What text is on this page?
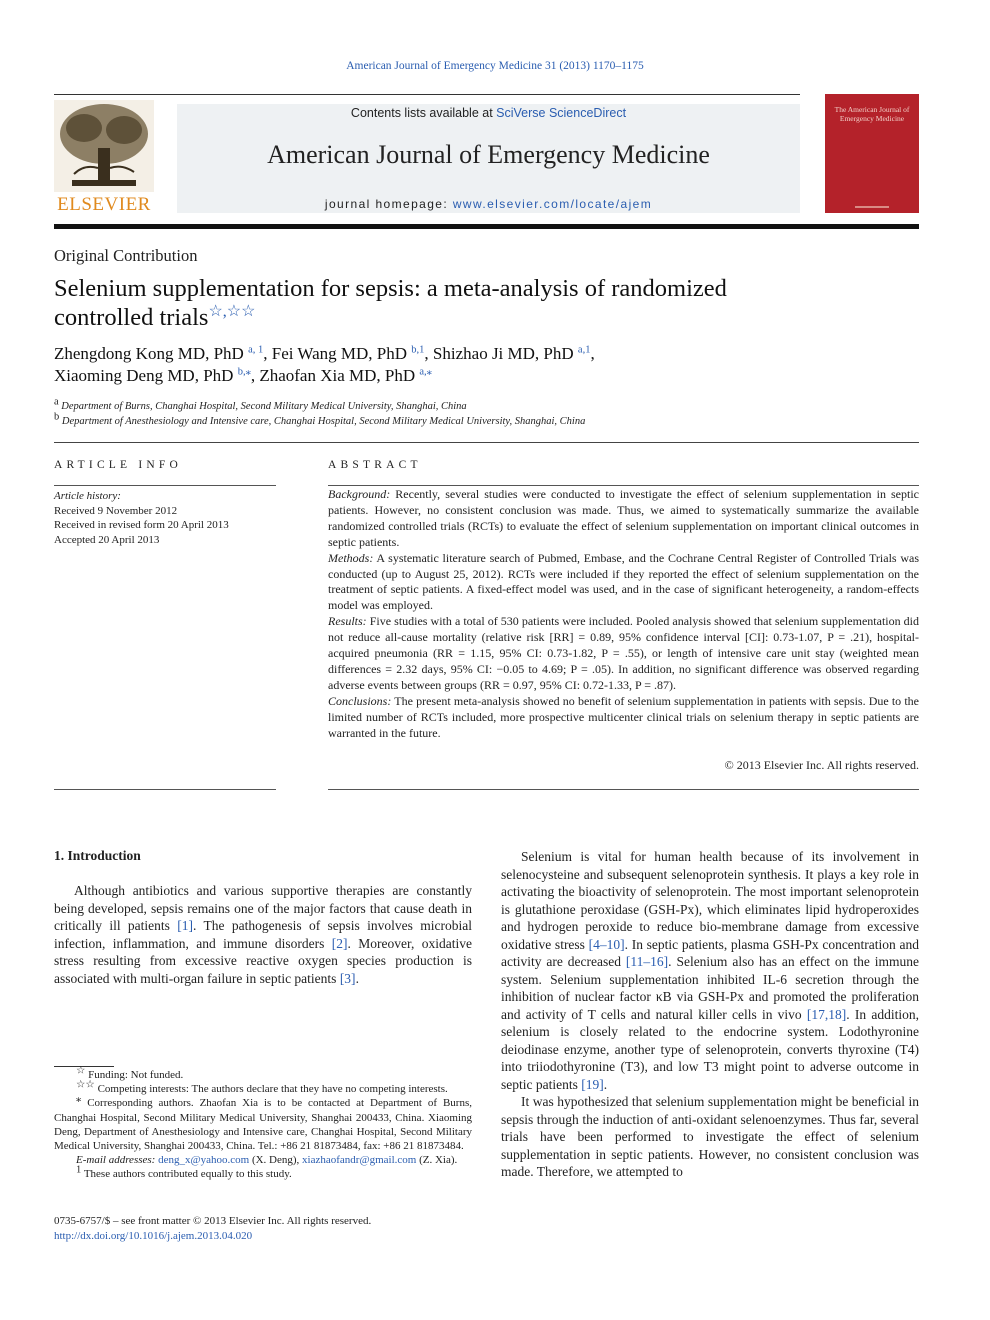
American Journal of Emergency Medicine 31 (2013) 1170–1175
ELSEVIER
Contents lists available at SciVerse ScienceDirect
American Journal of Emergency Medicine
journal homepage: www.elsevier.com/locate/ajem
The American Journal of Emergency Medicine
Original Contribution
Selenium supplementation for sepsis: a meta-analysis of randomized
controlled trials☆,☆☆
Zhengdong Kong MD, PhD $^{a, 1}$, Fei Wang MD, PhD $^{b,1}$, Shizhao Ji MD, PhD $^{a,1}$,
Xiaoming Deng MD, PhD $^{b,⁎}$, Zhaofan Xia MD, PhD $^{a,⁎}$
$^a$ Department of Burns, Changhai Hospital, Second Military Medical University, Shanghai, China
$^b$ Department of Anesthesiology and Intensive care, Changhai Hospital, Second Military Medical University, Shanghai, China
ARTICLE INFO
Article history:
Received 9 November 2012
Received in revised form 20 April 2013
Accepted 20 April 2013
ABSTRACT

Background: Recently, several studies were conducted to investigate the effect of selenium supplementation in septic patients. However, no consistent conclusion was made. Thus, we aimed to systematically summarize the available randomized controlled trials (RCTs) to evaluate the effect of selenium supplementation on important clinical outcomes in septic patients.

Methods: A systematic literature search of Pubmed, Embase, and the Cochrane Central Register of Controlled Trials was conducted (up to August 25, 2012). RCTs were included if they reported the effect of selenium supplementation on the treatment of septic patients. A fixed-effect model was used, and in the case of significant heterogeneity, a random-effects model was employed.

Results: Five studies with a total of 530 patients were included. Pooled analysis showed that selenium supplementation did not reduce all-cause mortality (relative risk [RR] = 0.89, 95% confidence interval [CI]: 0.73-1.07, P = .21), hospital-acquired pneumonia (RR = 1.15, 95% CI: 0.73-1.82, P = .55), or length of intensive care unit stay (weighted mean differences = 2.32 days, 95% CI: −0.05 to 4.69; P = .05). In addition, no significant difference was observed regarding adverse events between groups (RR = 0.97, 95% CI: 0.72-1.33, P = .87).

Conclusions: The present meta-analysis showed no benefit of selenium supplementation in patients with sepsis. Due to the limited number of RCTs included, more prospective multicenter clinical trials on selenium therapy in septic patients are warranted in the future.

© 2013 Elsevier Inc. All rights reserved.
1. Introduction

Although antibiotics and various supportive therapies are constantly being developed, sepsis remains one of the major factors that cause death in critically ill patients [1]. The pathogenesis of sepsis involves microbial infection, inflammation, and immune disorders [2]. Moreover, oxidative stress resulting from excessive reactive oxygen species production is associated with multi-organ failure in septic patients [3].

Selenium is vital for human health because of its involvement in selenocysteine and subsequent selenoprotein synthesis. It plays a key role in activating the bioactivity of selenoprotein. The most important selenoprotein is glutathione peroxidase (GSH-Px), which eliminates lipid hydroperoxides and hydrogen peroxide to reduce bio-membrane damage from excessive oxidative stress [4–10]. In septic patients, plasma GSH-Px concentration and activity are decreased [11–16]. Selenium also has an effect on the immune system. Selenium supplementation inhibited IL-6 secretion through the inhibition of nuclear factor κB via GSH-Px and promoted the proliferation and activity of T cells and natural killer cells in vivo [17,18]. In addition, selenium is closely related to the endocrine system. Lodothyronine deiodinase enzyme, another type of selenoprotein, converts thyroxine (T4) into triiodothyronine (T3), and low T3 might point to adverse outcome in septic patients [19].

It was hypothesized that selenium supplementation might be beneficial in sepsis through the induction of anti-oxidant selenoenzymes. Thus far, several trials have been performed to investigate the effect of selenium supplementation in septic patients. However, no consistent conclusion was made. Therefore, we attempted to

☆ Funding: Not funded.

☆☆ Competing interests: The authors declare that they have no competing interests.

⁎ Corresponding authors. Zhaofan Xia is to be contacted at Department of Burns, Changhai Hospital, Second Military Medical University, Shanghai 200433, China. Xiaoming Deng, Department of Anesthesiology and Intensive care, Changhai Hospital, Second Military Medical University, Shanghai 200433, China. Tel.: +86 21 81873484, fax: +86 21 81873484.

E-mail addresses: deng_x@yahoo.com (X. Deng), xiazhaofandr@gmail.com (Z. Xia).

$^1$ These authors contributed equally to this study.

0735-6757/$ – see front matter © 2013 Elsevier Inc. All rights reserved.
http://dx.doi.org/10.1016/j.ajem.2013.04.020
